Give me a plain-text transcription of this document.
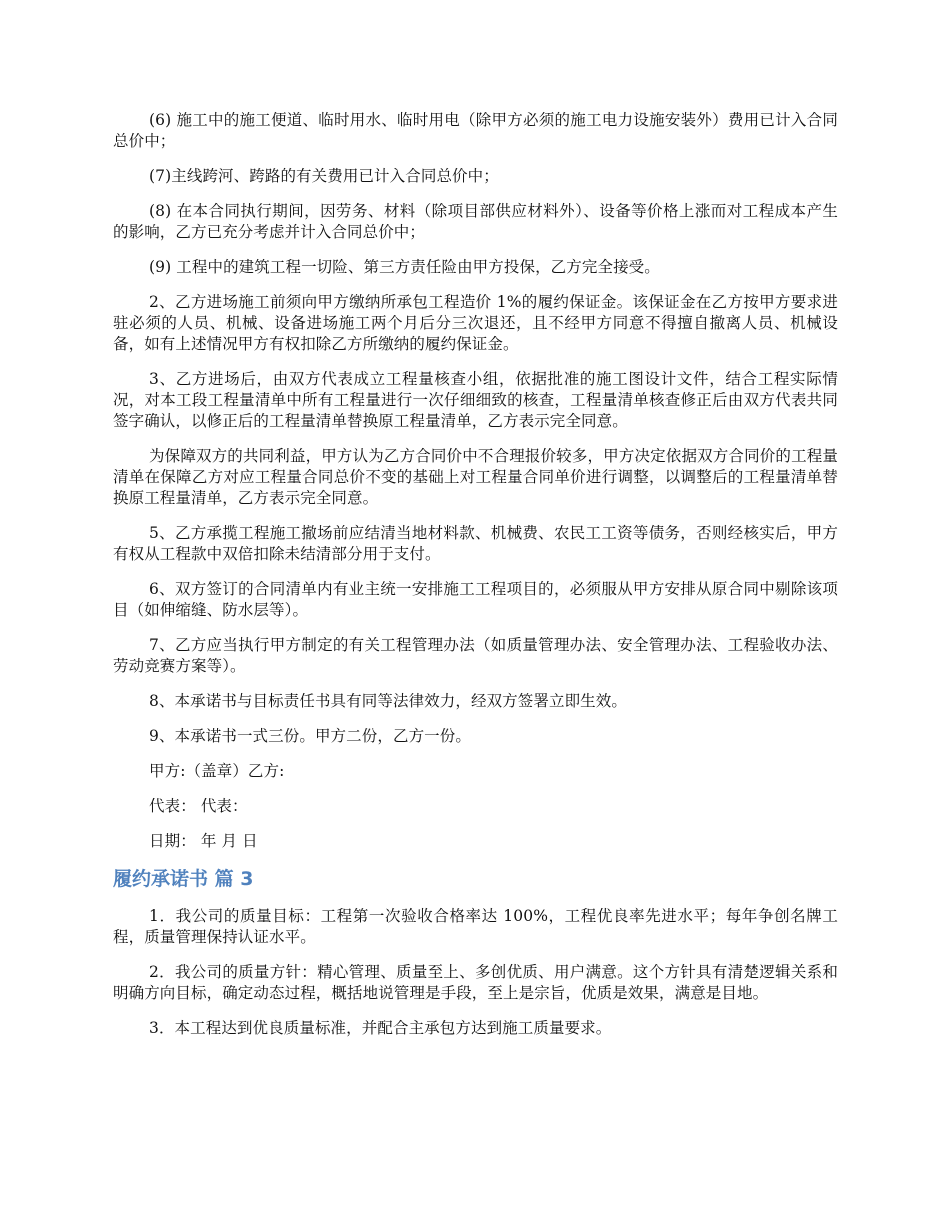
(6) 施工中的施工便道、临时用水、临时用电（除甲方必须的施工电力设施安装外）费用已计入合同总价中；

(7)主线跨河、跨路的有关费用已计入合同总价中；

(8) 在本合同执行期间，因劳务、材料（除项目部供应材料外）、设备等价格上涨而对工程成本产生的影响，乙方已充分考虑并计入合同总价中；

(9) 工程中的建筑工程一切险、第三方责任险由甲方投保，乙方完全接受。

2、乙方进场施工前须向甲方缴纳所承包工程造价 1%的履约保证金。该保证金在乙方按甲方要求进驻必须的人员、机械、设备进场施工两个月后分三次退还，且不经甲方同意不得擅自撤离人员、机械设备，如有上述情况甲方有权扣除乙方所缴纳的履约保证金。

3、乙方进场后，由双方代表成立工程量核查小组，依据批准的施工图设计文件，结合工程实际情况，对本工段工程量清单中所有工程量进行一次仔细细致的核查，工程量清单核查修正后由双方代表共同签字确认，以修正后的工程量清单替换原工程量清单，乙方表示完全同意。

为保障双方的共同利益，甲方认为乙方合同价中不合理报价较多，甲方决定依据双方合同价的工程量清单在保障乙方对应工程量合同总价不变的基础上对工程量合同单价进行调整，以调整后的工程量清单替换原工程量清单，乙方表示完全同意。

5、乙方承揽工程施工撤场前应结清当地材料款、机械费、农民工工资等债务，否则经核实后，甲方有权从工程款中双倍扣除未结清部分用于支付。

6、双方签订的合同清单内有业主统一安排施工工程项目的，必须服从甲方安排从原合同中剔除该项目（如伸缩缝、防水层等）。

7、乙方应当执行甲方制定的有关工程管理办法（如质量管理办法、安全管理办法、工程验收办法、劳动竞赛方案等）。

8、本承诺书与目标责任书具有同等法律效力，经双方签署立即生效。

9、本承诺书一式三份。甲方二份，乙方一份。

甲方:（盖章）乙方:

代表： 代表：

日期： 年 月 日

履约承诺书 篇 3

1．我公司的质量目标：工程第一次验收合格率达 100%，工程优良率先进水平；每年争创名牌工程，质量管理保持认证水平。

2．我公司的质量方针：精心管理、质量至上、多创优质、用户满意。这个方针具有清楚逻辑关系和明确方向目标，确定动态过程，概括地说管理是手段，至上是宗旨，优质是效果，满意是目地。

3．本工程达到优良质量标准，并配合主承包方达到施工质量要求。
